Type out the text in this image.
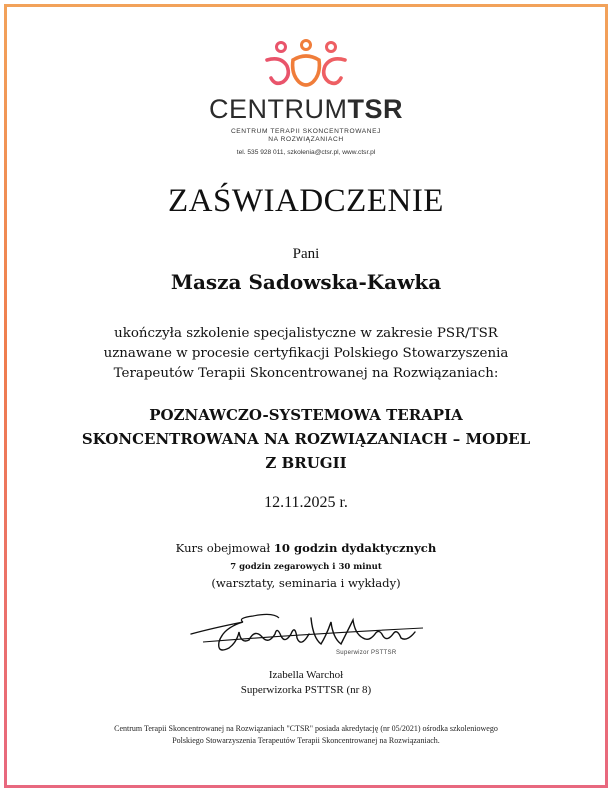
CENTRUMTSR
CENTRUM TERAPII SKONCENTROWANEJ
NA ROZWIĄZANIACH
tel. 535 928 011, szkolenia@ctsr.pl, www.ctsr.pl
ZAŚWIADCZENIE
Pani
Masza Sadowska-Kawka
ukończyła szkolenie specjalistyczne w zakresie PSR/TSR uznawane w procesie certyfikacji Polskiego Stowarzyszenia Terapeutów Terapii Skoncentrowanej na Rozwiązaniach:
POZNAWCZO-SYSTEMOWA TERAPIA
SKONCENTROWANA NA ROZWIĄZANIACH – MODEL
Z BRUGII
12.11.2025 r.
Kurs obejmował 10 godzin dydaktycznych
7 godzin zegarowych i 30 minut
(warsztaty, seminaria i wykłady)
Superwizor PSTTSR
Izabella Warchoł
Superwizorka PSTTSR (nr 8)
Centrum Terapii Skoncentrowanej na Rozwiązaniach "CTSR" posiada akredytację (nr 05/2021) ośrodka szkoleniowego
Polskiego Stowarzyszenia Terapeutów Terapii Skoncentrowanej na Rozwiązaniach.
